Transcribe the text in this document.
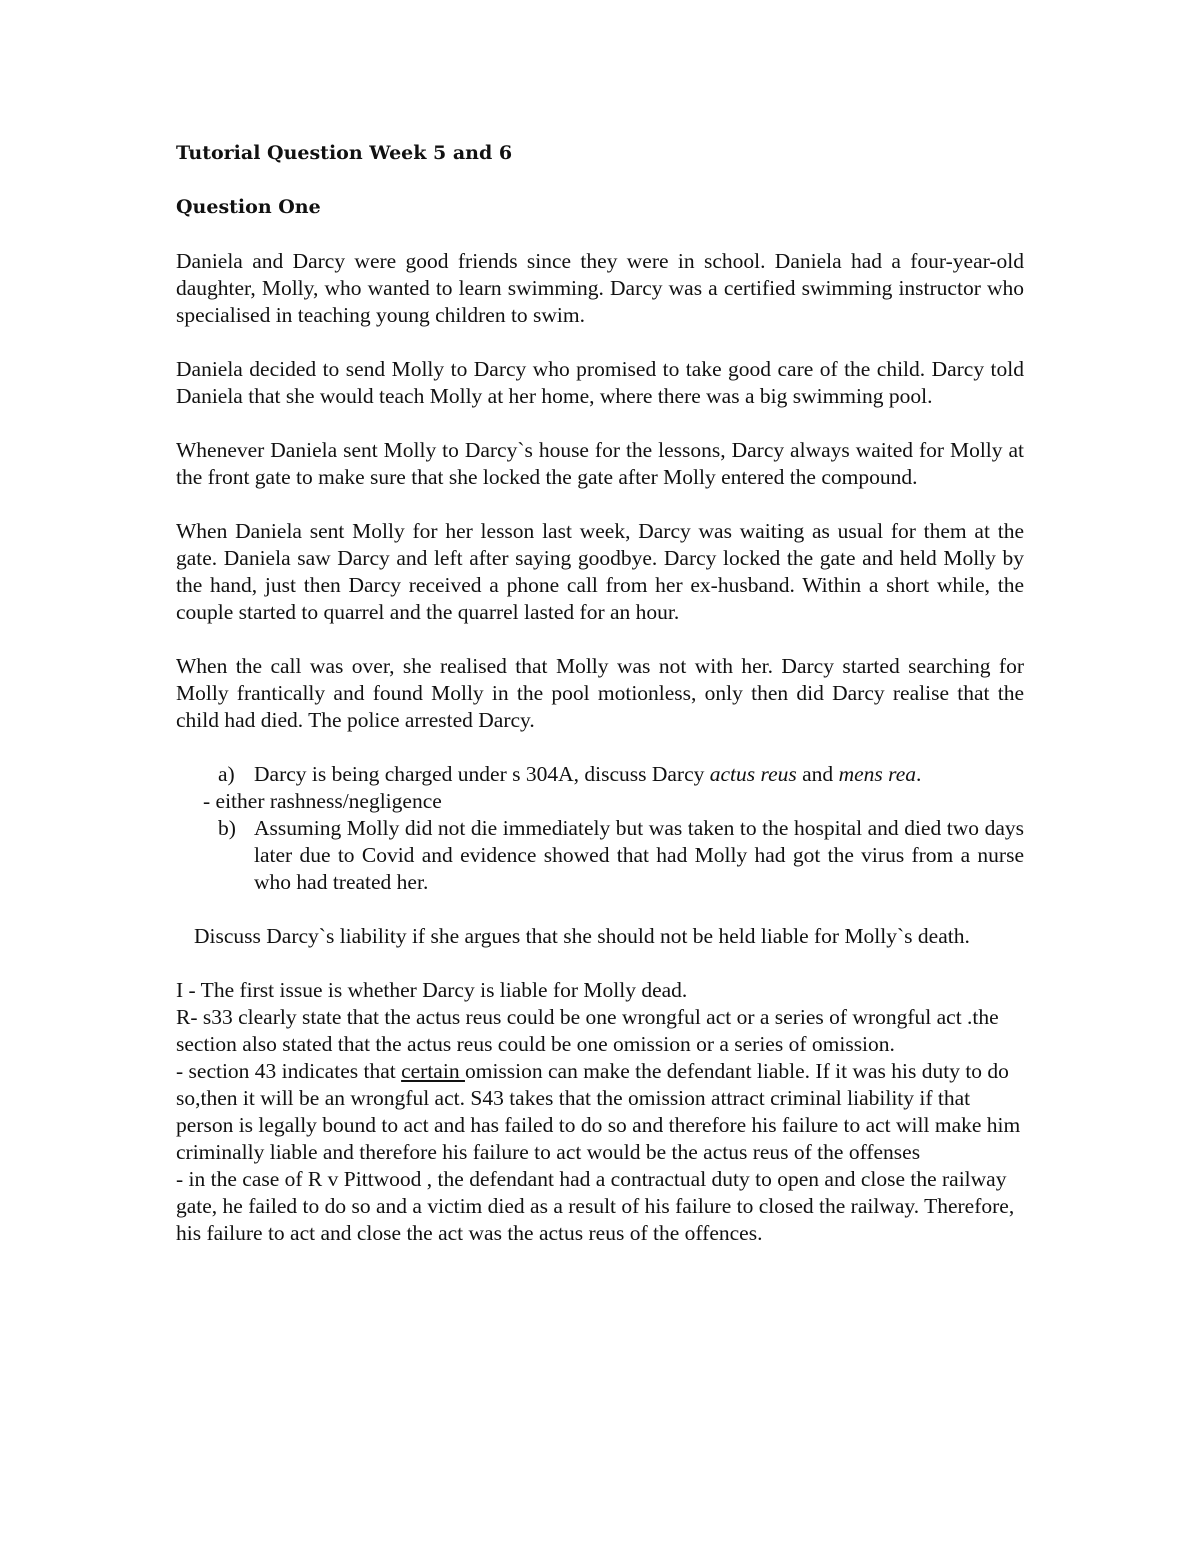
Tutorial Question Week 5 and 6

Question One

Daniela and Darcy were good friends since they were in school. Daniela had a four-year-old daughter, Molly, who wanted to learn swimming. Darcy was a certified swimming instructor who specialised in teaching young children to swim.

Daniela decided to send Molly to Darcy who promised to take good care of the child. Darcy told Daniela that she would teach Molly at her home, where there was a big swimming pool.

Whenever Daniela sent Molly to Darcy`s house for the lessons, Darcy always waited for Molly at the front gate to make sure that she locked the gate after Molly entered the compound.

When Daniela sent Molly for her lesson last week, Darcy was waiting as usual for them at the gate. Daniela saw Darcy and left after saying goodbye. Darcy locked the gate and held Molly by the hand, just then Darcy received a phone call from her ex-husband. Within a short while, the couple started to quarrel and the quarrel lasted for an hour.

When the call was over, she realised that Molly was not with her. Darcy started searching for Molly frantically and found Molly in the pool motionless, only then did Darcy realise that the child had died. The police arrested Darcy.

a) Darcy is being charged under s 304A, discuss Darcy actus reus and mens rea.

- either rashness/negligence

b) Assuming Molly did not die immediately but was taken to the hospital and died two days later due to Covid and evidence showed that had Molly had got the virus from a nurse who had treated her.

Discuss Darcy`s liability if she argues that she should not be held liable for Molly`s death.

I - The first issue is whether Darcy is liable for Molly dead.

R- s33 clearly state that the actus reus could be one wrongful act or a series of wrongful act .the section also stated that the actus reus could be one omission or a series of omission.

- section 43 indicates that certain omission can make the defendant liable. If it was his duty to do so,then it will be an wrongful act. S43 takes that the omission attract criminal liability if that person is legally bound to act and has failed to do so and therefore his failure to act will make him criminally liable and therefore his failure to act would be the actus reus of the offenses

- in the case of R v Pittwood , the defendant had a contractual duty to open and close the railway gate, he failed to do so and a victim died as a result of his failure to closed the railway. Therefore, his failure to act and close the act was the actus reus of the offences.
